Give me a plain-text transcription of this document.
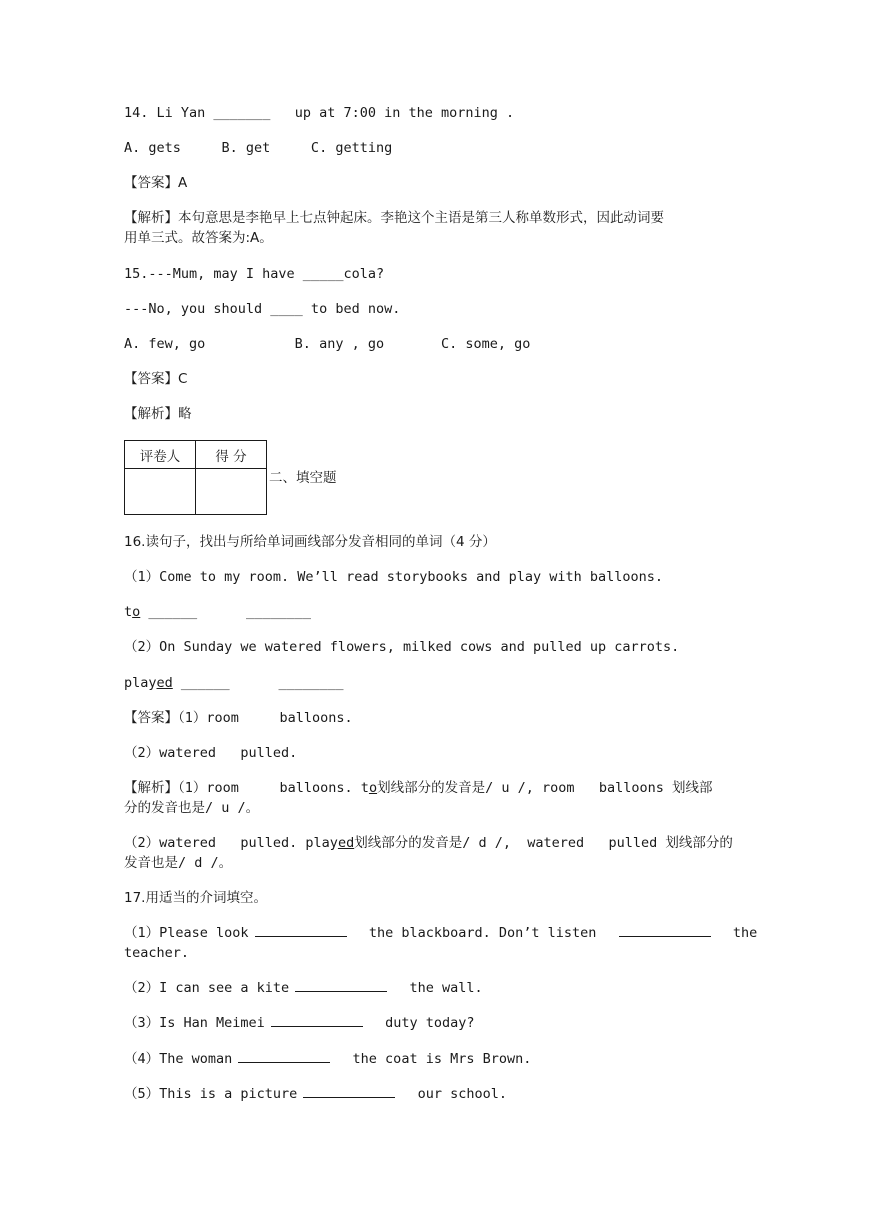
14. Li Yan _______ up at 7:00 in the morning .
A. gets     B. get     C. getting
【答案】A
【解析】本句意思是李艳早上七点钟起床。李艳这个主语是第三人称单数形式，因此动词要
用单三式。故答案为:A。
15.---Mum, may I have _____cola?
---No, you should ____ to bed now.
A. few, go           B. any , go       C. some, go
【答案】C
【解析】略
评卷人	得 分

二、填空题
16.读句子，找出与所给单词画线部分发音相同的单词（4 分）
（1）Come to my room. We’ll read storybooks and play with balloons.
to ______      ________
（2）On Sunday we watered flowers, milked cows and pulled up carrots.
played ______      ________
【答案】（1）room     balloons.
（2）watered   pulled.
【解析】（1）room     balloons. to划线部分的发音是/ u /, room   balloons 划线部
分的发音也是/ u /。
（2）watered   pulled. played划线部分的发音是/ d /,  watered   pulled 划线部分的
发音也是/ d /。
17.用适当的介词填空。
（1）Please look	the blackboard. Don’t listen	the
teacher.
（2）I can see a kite	the wall.
（3）Is Han Meimei	duty today?
（4）The woman	the coat is Mrs Brown.
（5）This is a picture	our school.
